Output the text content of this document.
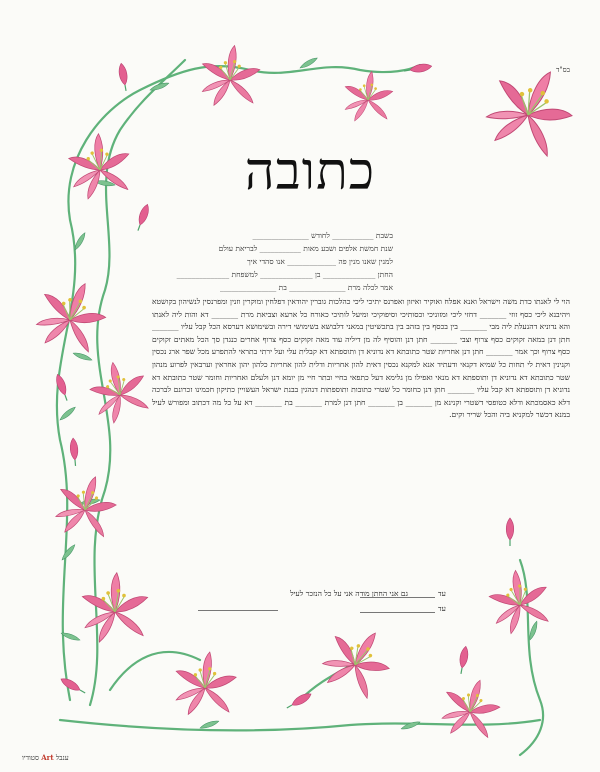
בס"ד
כתובה
בשבת ___________ לחודש _______________
שנת חמשת אלפים ושבע מאות ___________ לבריאת עולם
למנין שאנו מנין פה _____________ אנו סהדי איך
החתן ______________ בן ______________ למשפחת ______________
אמר לכלה מרת _______________ בת _______________
הוי לי לאנתו כדת משה וישראל ואנא אפלח ואוקיר ואיזון ואפרנס יתיכי ליכי כהלכות גוברין יהודאין דפלחין ומוקרין וזנין ומפרנסין לנשיהון בקושטא ויהיבנא ליכי כסף זוזי _______ דחזי ליכי ומזוניכי וכסותיכי וסיפוקיכי ומיעל לותיכי כאורח כל ארעא וצביאת מרת _______ דא והות ליה לאנתו והא נדוניא דהנעלת ליה מבי _______ בין בכסף בין בזהב בין בתכשיטין במאני דלבושא בשימושי דירה ובשימושא דערסא הכל קבל עליו _______ חתן דנן במאה זקוקים כסף צרוף וצבי _______ חתן דנן והוסיף לה מן דיליה עוד מאה זקוקים כסף צרוף אחרים כנגדן סך הכל מאתים זקוקים כסף צרוף וכך אמר _______ חתן דנן אחריות שטר כתובתא דא נדוניא דן ותוספתא דא קבלית עלי ועל ירתי בתראי להתפרע מכל שפר ארג נכסין וקנינין דאית לי תחות כל שמיא דקנאי ודעתיד אנא למקנא נכסין דאית להון אחריות ודלית להון אחריות כלהון יהון אחראין וערבאין לפרוע מנהון שטר כתובתא דא נדוניא דן ותוספתא דא מנאי ואפילו מן גלימא דעל כתפאי בחיי ובתר חיי מן יומא דנן ולעלם ואחריות וחומר שטר כתובתא דא נדוניא דן ותוספתא דא קבל עליו _______ חתן דנן כחומר כל שטרי כתובות ותוספתות דנהגין בבנת ישראל העשויין כתיקון חכמינו זכרונם לברכה דלא כאסמכתא ודלא כטופסי דשטרי וקנינא מן _______ בן _______ חתן דנן למרת _______ בת _______ דא על כל מה דכתוב ומפורש לעיל במנא דכשר למקניא ביה והכל שריר וקים.
גם אני החתן מודה אני על כל הנזכר לעיל	עד
עד
ענבל Art סטודיו
